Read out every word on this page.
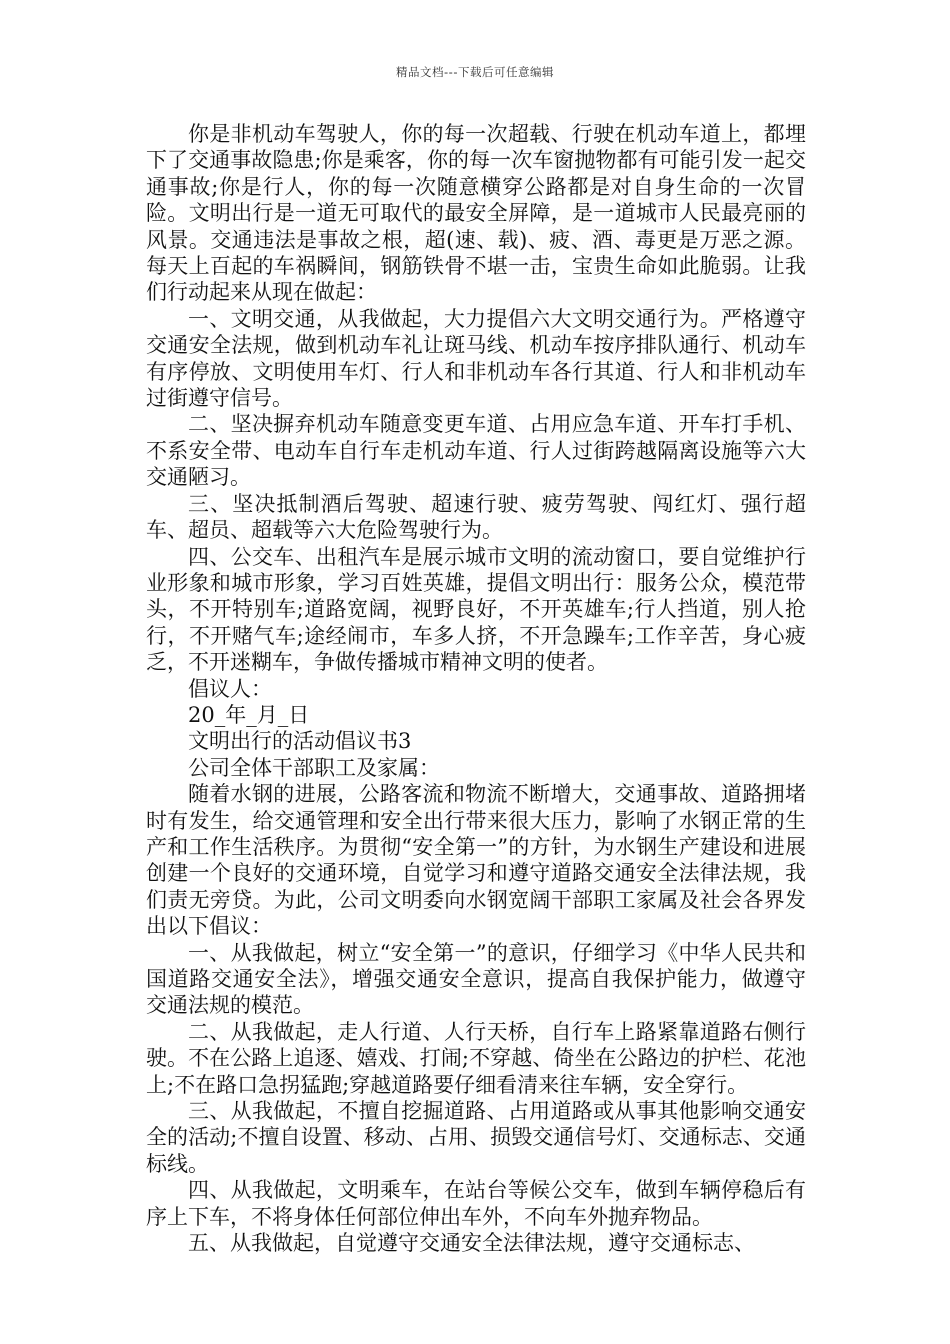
精品文档---下载后可任意编辑

你是非机动车驾驶人，你的每一次超载、行驶在机动车道上，都埋下了交通事故隐患;你是乘客，你的每一次车窗抛物都有可能引发一起交通事故;你是行人，你的每一次随意横穿公路都是对自身生命的一次冒险。文明出行是一道无可取代的最安全屏障，是一道城市人民最亮丽的风景。交通违法是事故之根，超(速、载)、疲、酒、毒更是万恶之源。每天上百起的车祸瞬间，钢筋铁骨不堪一击，宝贵生命如此脆弱。让我们行动起来从现在做起：

一、文明交通，从我做起，大力提倡六大文明交通行为。严格遵守交通安全法规，做到机动车礼让斑马线、机动车按序排队通行、机动车有序停放、文明使用车灯、行人和非机动车各行其道、行人和非机动车过街遵守信号。

二、坚决摒弃机动车随意变更车道、占用应急车道、开车打手机、不系安全带、电动车自行车走机动车道、行人过街跨越隔离设施等六大交通陋习。

三、坚决抵制酒后驾驶、超速行驶、疲劳驾驶、闯红灯、强行超车、超员、超载等六大危险驾驶行为。

四、公交车、出租汽车是展示城市文明的流动窗口，要自觉维护行业形象和城市形象，学习百姓英雄，提倡文明出行：服务公众，模范带头，不开特别车;道路宽阔，视野良好，不开英雄车;行人挡道，别人抢行，不开赌气车;途经闹市，车多人挤，不开急躁车;工作辛苦，身心疲乏，不开迷糊车，争做传播城市精神文明的使者。

倡议人：

20_年_月_日

文明出行的活动倡议书3

公司全体干部职工及家属：

随着水钢的进展，公路客流和物流不断增大，交通事故、道路拥堵时有发生，给交通管理和安全出行带来很大压力，影响了水钢正常的生产和工作生活秩序。为贯彻“安全第一”的方针，为水钢生产建设和进展创建一个良好的交通环境，自觉学习和遵守道路交通安全法律法规，我们责无旁贷。为此，公司文明委向水钢宽阔干部职工家属及社会各界发出以下倡议：

一、从我做起，树立“安全第一”的意识，仔细学习《中华人民共和国道路交通安全法》，增强交通安全意识，提高自我保护能力，做遵守交通法规的模范。

二、从我做起，走人行道、人行天桥，自行车上路紧靠道路右侧行驶。不在公路上追逐、嬉戏、打闹;不穿越、倚坐在公路边的护栏、花池上;不在路口急拐猛跑;穿越道路要仔细看清来往车辆，安全穿行。

三、从我做起，不擅自挖掘道路、占用道路或从事其他影响交通安全的活动;不擅自设置、移动、占用、损毁交通信号灯、交通标志、交通标线。

四、从我做起，文明乘车，在站台等候公交车，做到车辆停稳后有序上下车，不将身体任何部位伸出车外，不向车外抛弃物品。

五、从我做起，自觉遵守交通安全法律法规，遵守交通标志、
